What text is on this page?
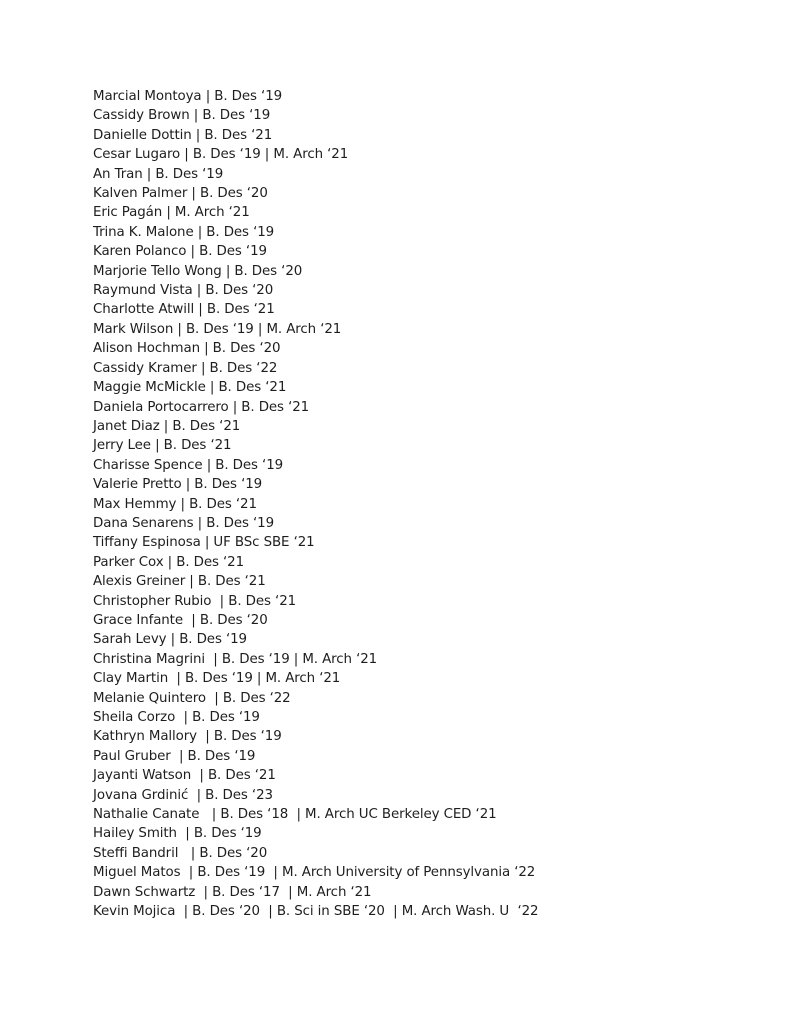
Marcial Montoya | B. Des ‘19
Cassidy Brown | B. Des ‘19
Danielle Dottin | B. Des ‘21
Cesar Lugaro | B. Des ‘19 | M. Arch ‘21
An Tran | B. Des ‘19
Kalven Palmer | B. Des ‘20
Eric Pagán | M. Arch ‘21
Trina K. Malone | B. Des ‘19
Karen Polanco | B. Des ‘19
Marjorie Tello Wong | B. Des ‘20
Raymund Vista | B. Des ‘20
Charlotte Atwill | B. Des ‘21
Mark Wilson | B. Des ‘19 | M. Arch ‘21
Alison Hochman | B. Des ‘20
Cassidy Kramer | B. Des ‘22
Maggie McMickle | B. Des ‘21
Daniela Portocarrero | B. Des ‘21
Janet Diaz | B. Des ‘21
Jerry Lee | B. Des ‘21
Charisse Spence | B. Des ‘19
Valerie Pretto | B. Des ‘19
Max Hemmy | B. Des ‘21
Dana Senarens | B. Des ‘19
Tiffany Espinosa | UF BSc SBE ‘21
Parker Cox | B. Des ‘21
Alexis Greiner | B. Des ‘21
Christopher Rubio  | B. Des ‘21
Grace Infante  | B. Des ‘20
Sarah Levy | B. Des ‘19
Christina Magrini  | B. Des ‘19 | M. Arch ‘21
Clay Martin  | B. Des ‘19 | M. Arch ‘21
Melanie Quintero  | B. Des ‘22
Sheila Corzo  | B. Des ‘19
Kathryn Mallory  | B. Des ‘19
Paul Gruber  | B. Des ‘19
Jayanti Watson  | B. Des ‘21
Jovana Grdinić  | B. Des ‘23
Nathalie Canate   | B. Des ‘18  | M. Arch UC Berkeley CED ‘21
Hailey Smith  | B. Des ‘19
Steffi Bandril   | B. Des ‘20
Miguel Matos  | B. Des ‘19  | M. Arch University of Pennsylvania ‘22
Dawn Schwartz  | B. Des ‘17  | M. Arch ‘21
Kevin Mojica  | B. Des ‘20  | B. Sci in SBE ‘20  | M. Arch Wash. U  ‘22
